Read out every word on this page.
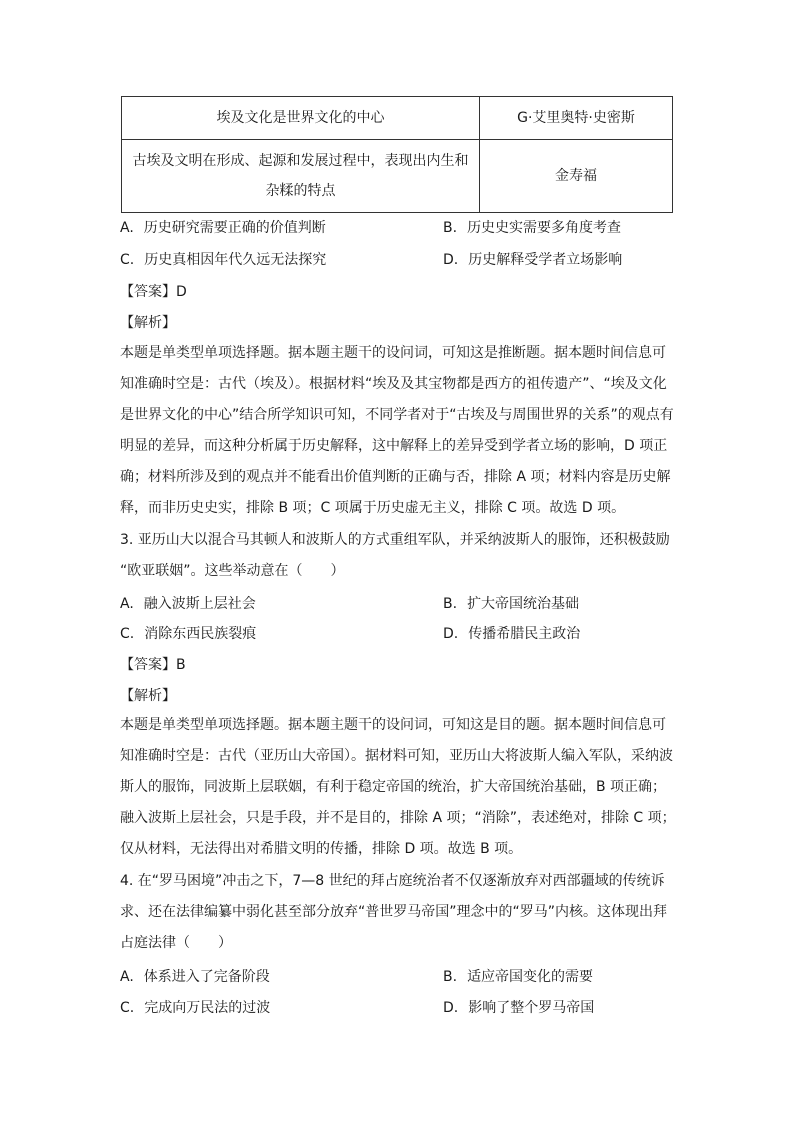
埃及文化是世界文化的中心	G·艾里奥特·史密斯
古埃及文明在形成、起源和发展过程中，表现出内生和杂糅的特点	金寿福
A. 历史研究需要正确的价值判断	B. 历史史实需要多角度考查
C. 历史真相因年代久远无法探究	D. 历史解释受学者立场影响
【答案】D
【解析】

本题是单类型单项选择题。据本题主题干的设问词，可知这是推断题。据本题时间信息可

知准确时空是：古代（埃及）。根据材料“埃及及其宝物都是西方的祖传遗产”、“埃及文化

是世界文化的中心”结合所学知识可知，不同学者对于“古埃及与周围世界的关系”的观点有

明显的差异，而这种分析属于历史解释，这中解释上的差异受到学者立场的影响，D 项正

确；材料所涉及到的观点并不能看出价值判断的正确与否，排除 A 项；材料内容是历史解

释，而非历史史实，排除 B 项；C 项属于历史虚无主义，排除 C 项。故选 D 项。

3. 亚历山大以混合马其顿人和波斯人的方式重组军队，并采纳波斯人的服饰，还积极鼓励

“欧亚联姻”。这些举动意在（　　）

A. 融入波斯上层社会	B. 扩大帝国统治基础
C. 消除东西民族裂痕	D. 传播希腊民主政治
【答案】B
【解析】

本题是单类型单项选择题。据本题主题干的设问词，可知这是目的题。据本题时间信息可

知准确时空是：古代（亚历山大帝国）。据材料可知，亚历山大将波斯人编入军队，采纳波

斯人的服饰，同波斯上层联姻，有利于稳定帝国的统治，扩大帝国统治基础，B 项正确；

融入波斯上层社会，只是手段，并不是目的，排除 A 项；“消除”，表述绝对，排除 C 项；

仅从材料，无法得出对希腊文明的传播，排除 D 项。故选 B 项。

4. 在“罗马困境”冲击之下，7—8 世纪的拜占庭统治者不仅逐渐放弃对西部疆域的传统诉

求、还在法律编纂中弱化甚至部分放弃“普世罗马帝国”理念中的“罗马”内核。这体现出拜

占庭法律（　　）

A. 体系进入了完备阶段	B. 适应帝国变化的需要
C. 完成向万民法的过波	D. 影响了整个罗马帝国
